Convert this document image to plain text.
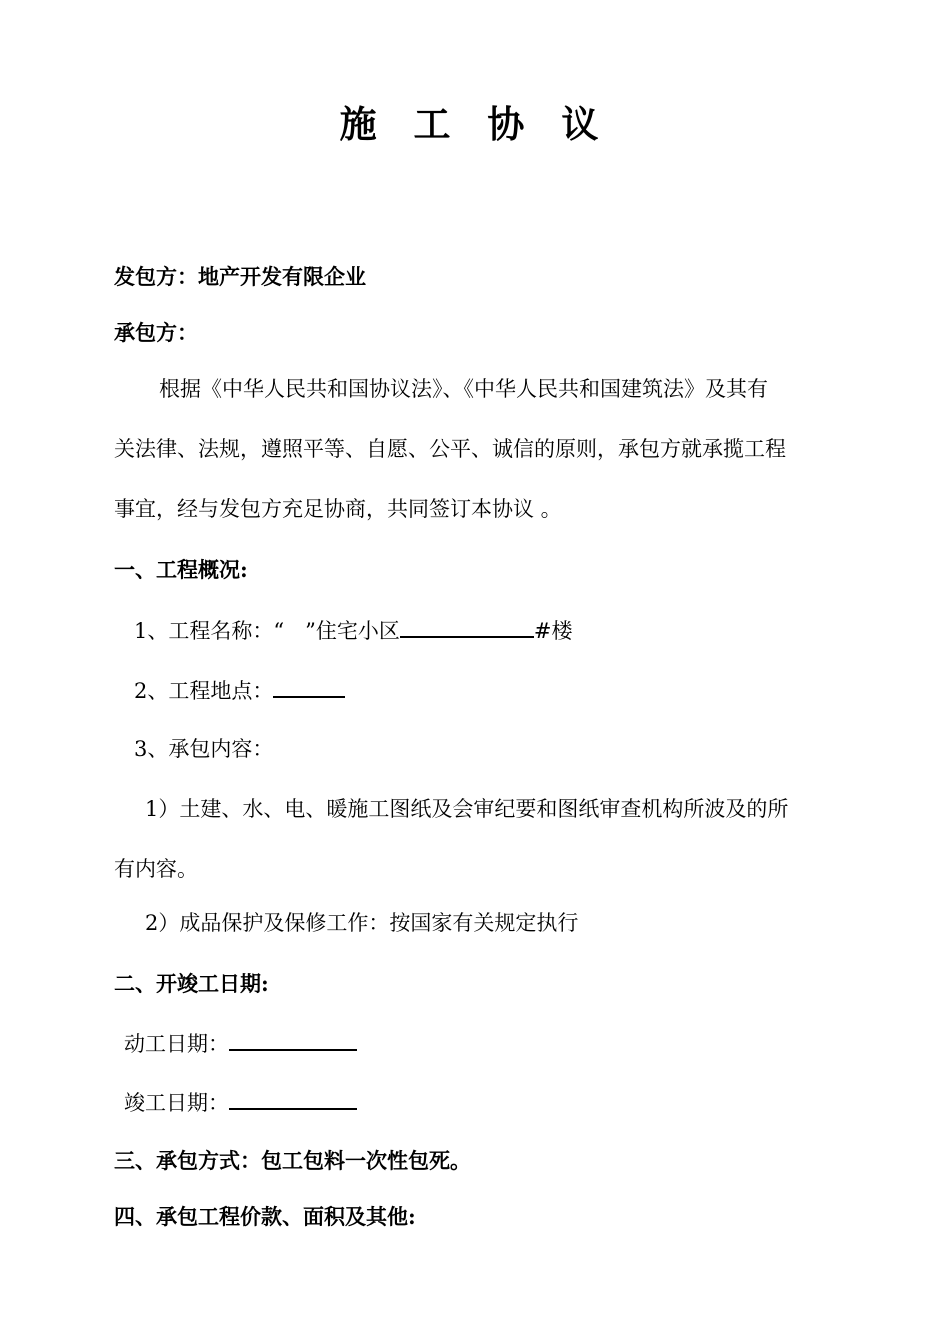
施 工 协 议
发包方：地产开发有限企业
承包方：
根据《中华人民共和国协议法》、《中华人民共和国建筑法》及其有
关法律、法规，遵照平等、自愿、公平、诚信的原则，承包方就承揽工程
事宜，经与发包方充足协商，共同签订本协议 。
一、工程概况:
1、工程名称：“　”住宅小区	#楼
2、工程地点：
3、承包内容：
1）土建、水、电、暖施工图纸及会审纪要和图纸审查机构所波及的所
有内容。
2）成品保护及保修工作：按国家有关规定执行
二、开竣工日期:
动工日期：
竣工日期：
三、承包方式：包工包料一次性包死。
四、承包工程价款、面积及其他:
